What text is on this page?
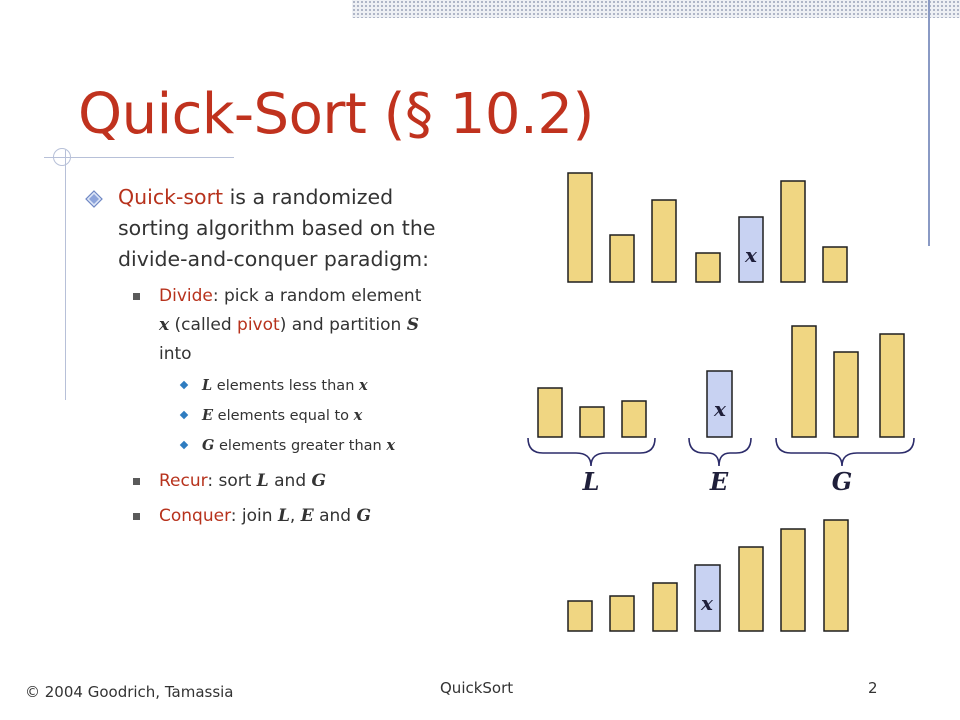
Quick-Sort (§ 10.2)
Quick-sort is a randomized
sorting algorithm based on the
divide-and-conquer paradigm:
Divide: pick a random element
x (called pivot) and partition S
into
L elements less than x
E elements equal to x
G elements greater than x
Recur: sort L and G
Conquer: join L, E and G
x
x
x
L	E	G
© 2004 Goodrich, Tamassia	QuickSort	2
